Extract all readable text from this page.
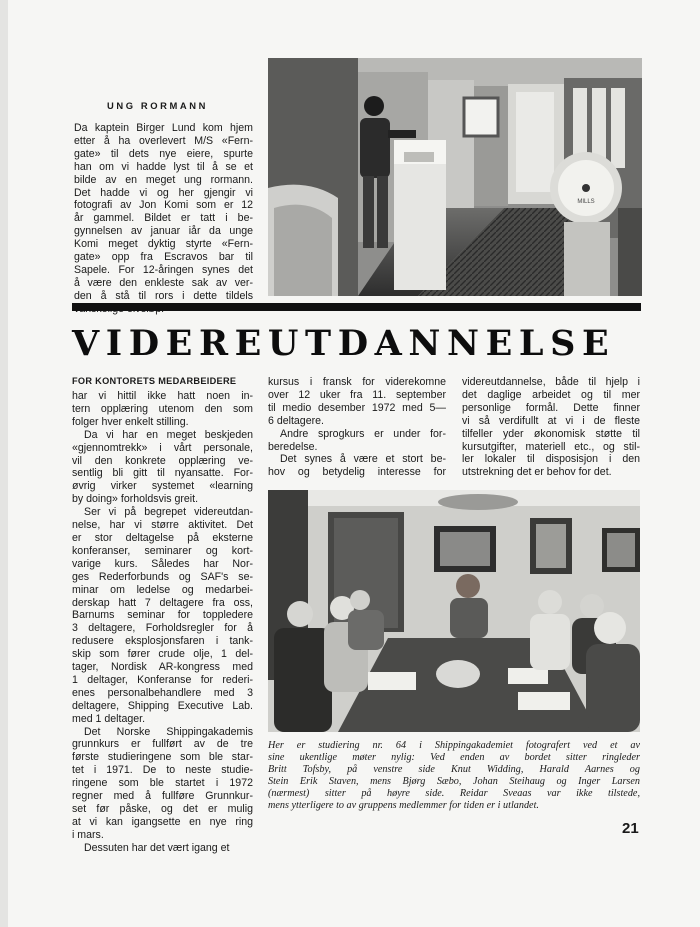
UNG RORMANN
Da kaptein Birger Lund kom hjem
etter å ha overlevert M/S «Fern-
gate» til dets nye eiere, spurte
han om vi hadde lyst til å se et
bilde av en meget ung rormann.
Det hadde vi og her gjengir vi
fotografi av Jon Komi som er 12
år gammel. Bildet er tatt i be-
gynnelsen av januar iår da unge
Komi meget dyktig styrte «Fern-
gate» opp fra Escravos bar til
Sapele. For 12-åringen synes det
å være den enkleste sak av ver-
den å stå til rors i dette tildels
MILLS
VIDEREUTDANNELSE
FOR KONTORETS MEDARBEIDERE
har vi hittil ikke hatt noen in-
tern opplæring utenom den som
folger hver enkelt stilling.
Da vi har en meget beskjeden
«gjennomtrekk» i vårt personale,
vil den konkrete opplæring ve-
sentlig bli gitt til nyansatte. For-
øvrig virker systemet «learning
by doing» forholdsvis greit.
Ser vi på begrepet videreutdan-
nelse, har vi større aktivitet. Det
er stor deltagelse på eksterne
konferanser, seminarer og kort-
varige kurs. Således har Nor-
ges Rederforbunds og SAF's se-
minar om ledelse og medarbei-
derskap hatt 7 deltagere fra oss,
Barnums seminar for toppledere
3 deltagere, Forholdsregler for å
redusere eksplosjonsfaren i tank-
skip som fører crude olje, 1 del-
tager, Nordisk AR-kongress med
1 deltager, Konferanse for rederi-
enes personalbehandlere med 3
deltagere, Shipping Executive Lab.
med 1 deltager.
Det Norske Shippingakademis
grunnkurs er fullført av de tre
første studieringene som ble star-
tet i 1971. De to neste studie-
ringene som ble startet i 1972
regner med å fullføre Grunnkur-
set før påske, og det er mulig
at vi kan igangsette en nye ring
i mars.
Dessuten har det vært igang et
kursus i fransk for viderekomne
over 12 uker fra 11. september
til medio desember 1972 med 5—
6 deltagere.
Andre sprogkurs er under for-
beredelse.
Det synes å være et stort be-
hov og betydelig interesse for
videreutdannelse, både til hjelp i
det daglige arbeidet og til mer
personlige formål. Dette finner
vi så verdifullt at vi i de fleste
tilfeller yder økonomisk støtte til
kursutgifter, materiell etc., og stil-
ler lokaler til disposisjon i den
utstrekning det er behov for det.
Her er studiering nr. 64 i Shippingakademiet fotografert ved et av
sine ukentlige møter nylig: Ved enden av bordet sitter ringleder
Britt Tofsby, på venstre side Knut Widding, Harald Aarnes og
Stein Erik Staven, mens Bjørg Sæbo, Johan Steihaug og Inger Larsen
(nærmest) sitter på høyre side. Reidar Sveaas var ikke tilstede,
mens ytterligere to av gruppens medlemmer for tiden er i utlandet.
21
